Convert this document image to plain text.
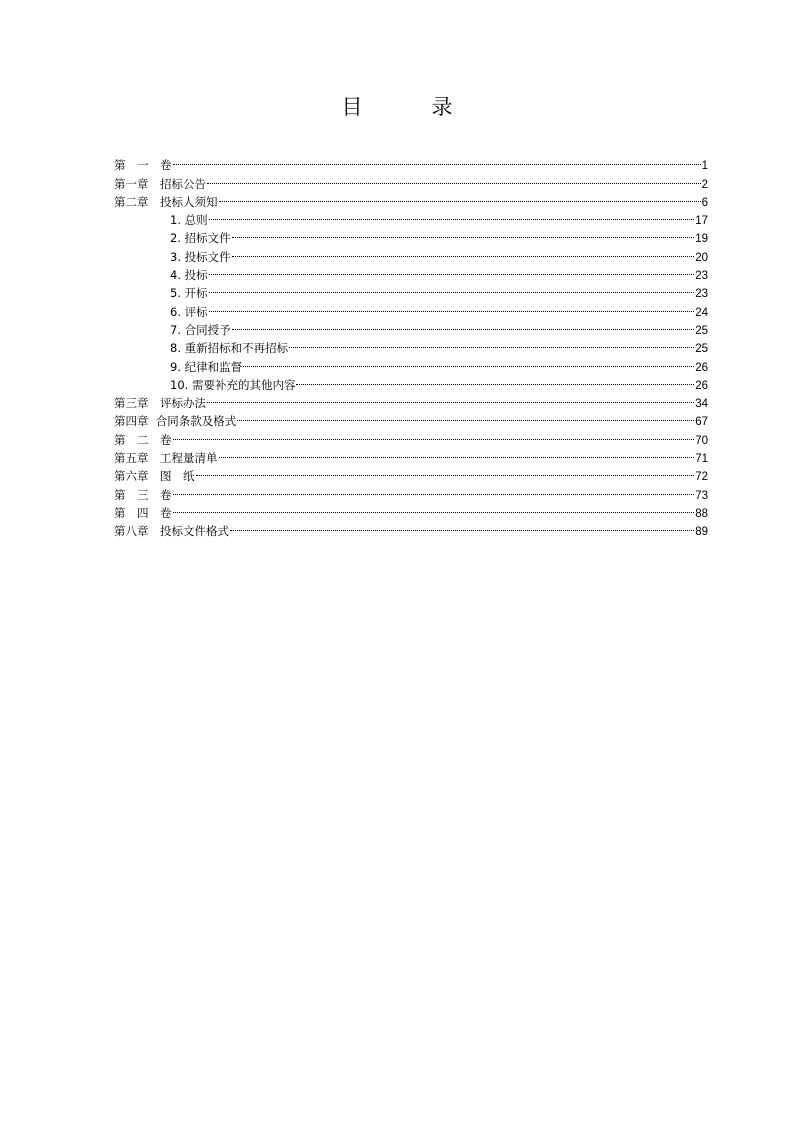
目　录
第　一　卷	1
第一章　招标公告	2
第二章　投标人须知	6
1. 总则	17
2. 招标文件	19
3. 投标文件	20
4. 投标	23
5. 开标	23
6. 评标	24
7. 合同授予	25
8. 重新招标和不再招标	25
9. 纪律和监督	26
10. 需要补充的其他内容	26
第三章　评标办法	34
第四章  合同条款及格式	67
第　二　卷	70
第五章　工程量清单	71
第六章　图　纸	72
第　三　卷	73
第　四　卷	88
第八章　投标文件格式	89
